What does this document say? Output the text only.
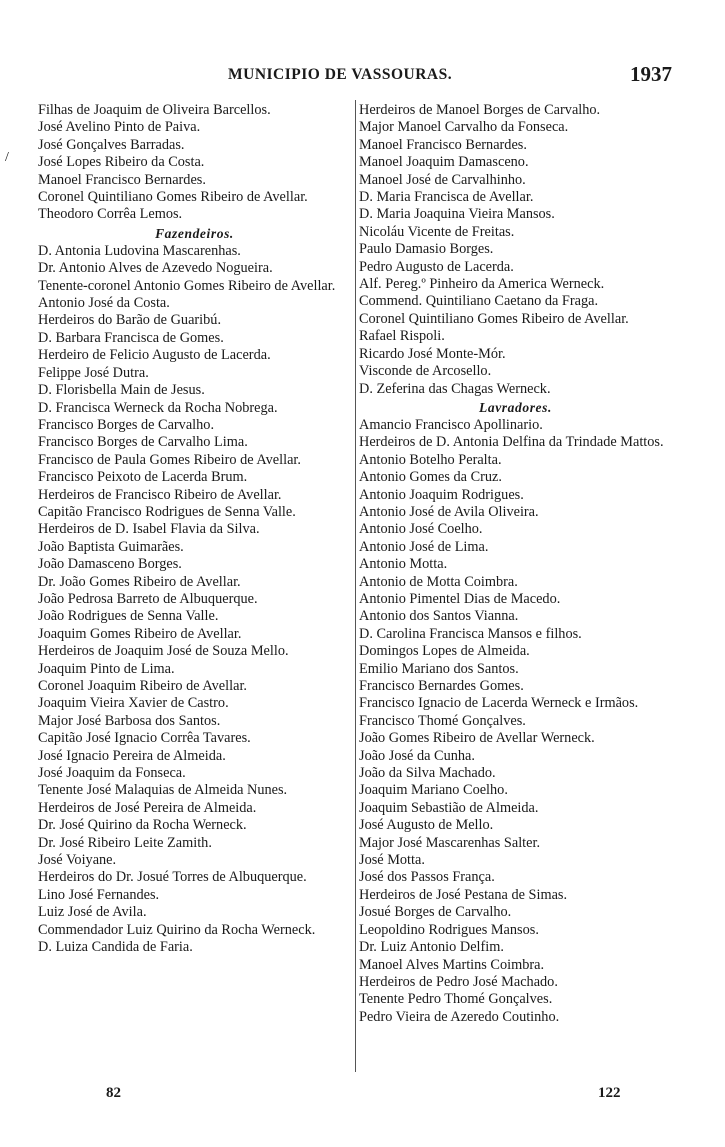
MUNICIPIO DE VASSOURAS.	1937
/
Filhas de Joaquim de Oliveira Barcellos.
José Avelino Pinto de Paiva.
José Gonçalves Barradas.
José Lopes Ribeiro da Costa.
Manoel Francisco Bernardes.
Coronel Quintiliano Gomes Ribeiro de Avellar.
Theodoro Corrêa Lemos.
Fazendeiros.
D. Antonia Ludovina Mascarenhas.
Dr. Antonio Alves de Azevedo Nogueira.
Tenente-coronel Antonio Gomes Ribeiro de Avellar.
Antonio José da Costa.
Herdeiros do Barão de Guaribú.
D. Barbara Francisca de Gomes.
Herdeiro de Felicio Augusto de Lacerda.
Felippe José Dutra.
D. Florisbella Main de Jesus.
D. Francisca Werneck da Rocha Nobrega.
Francisco Borges de Carvalho.
Francisco Borges de Carvalho Lima.
Francisco de Paula Gomes Ribeiro de Avellar.
Francisco Peixoto de Lacerda Brum.
Herdeiros de Francisco Ribeiro de Avellar.
Capitão Francisco Rodrigues de Senna Valle.
Herdeiros de D. Isabel Flavia da Silva.
João Baptista Guimarães.
João Damasceno Borges.
Dr. João Gomes Ribeiro de Avellar.
João Pedrosa Barreto de Albuquerque.
João Rodrigues de Senna Valle.
Joaquim Gomes Ribeiro de Avellar.
Herdeiros de Joaquim José de Souza Mello.
Joaquim Pinto de Lima.
Coronel Joaquim Ribeiro de Avellar.
Joaquim Vieira Xavier de Castro.
Major José Barbosa dos Santos.
Capitão José Ignacio Corrêa Tavares.
José Ignacio Pereira de Almeida.
José Joaquim da Fonseca.
Tenente José Malaquias de Almeida Nunes.
Herdeiros de José Pereira de Almeida.
Dr. José Quirino da Rocha Werneck.
Dr. José Ribeiro Leite Zamith.
José Voiyane.
Herdeiros do Dr. Josué Torres de Albuquerque.
Lino José Fernandes.
Luiz José de Avila.
Commendador Luiz Quirino da Rocha Werneck.
D. Luiza Candida de Faria.
Herdeiros de Manoel Borges de Carvalho.
Major Manoel Carvalho da Fonseca.
Manoel Francisco Bernardes.
Manoel Joaquim Damasceno.
Manoel José de Carvalhinho.
D. Maria Francisca de Avellar.
D. Maria Joaquina Vieira Mansos.
Nicoláu Vicente de Freitas.
Paulo Damasio Borges.
Pedro Augusto de Lacerda.
Alf. Pereg.º Pinheiro da America Werneck.
Commend. Quintiliano Caetano da Fraga.
Coronel Quintiliano Gomes Ribeiro de Avellar.
Rafael Rispoli.
Ricardo José Monte-Mór.
Visconde de Arcosello.
D. Zeferina das Chagas Werneck.
Lavradores.
Amancio Francisco Apollinario.
Herdeiros de D. Antonia Delfina da Trindade Mattos.
Antonio Botelho Peralta.
Antonio Gomes da Cruz.
Antonio Joaquim Rodrigues.
Antonio José de Avila Oliveira.
Antonio José Coelho.
Antonio José de Lima.
Antonio Motta.
Antonio de Motta Coimbra.
Antonio Pimentel Dias de Macedo.
Antonio dos Santos Vianna.
D. Carolina Francisca Mansos e filhos.
Domingos Lopes de Almeida.
Emilio Mariano dos Santos.
Francisco Bernardes Gomes.
Francisco Ignacio de Lacerda Werneck e Irmãos.
Francisco Thomé Gonçalves.
João Gomes Ribeiro de Avellar Werneck.
João José da Cunha.
João da Silva Machado.
Joaquim Mariano Coelho.
Joaquim Sebastião de Almeida.
José Augusto de Mello.
Major José Mascarenhas Salter.
José Motta.
José dos Passos França.
Herdeiros de José Pestana de Simas.
Josué Borges de Carvalho.
Leopoldino Rodrigues Mansos.
Dr. Luiz Antonio Delfim.
Manoel Alves Martins Coimbra.
Herdeiros de Pedro José Machado.
Tenente Pedro Thomé Gonçalves.
Pedro Vieira de Azeredo Coutinho.
82	122
